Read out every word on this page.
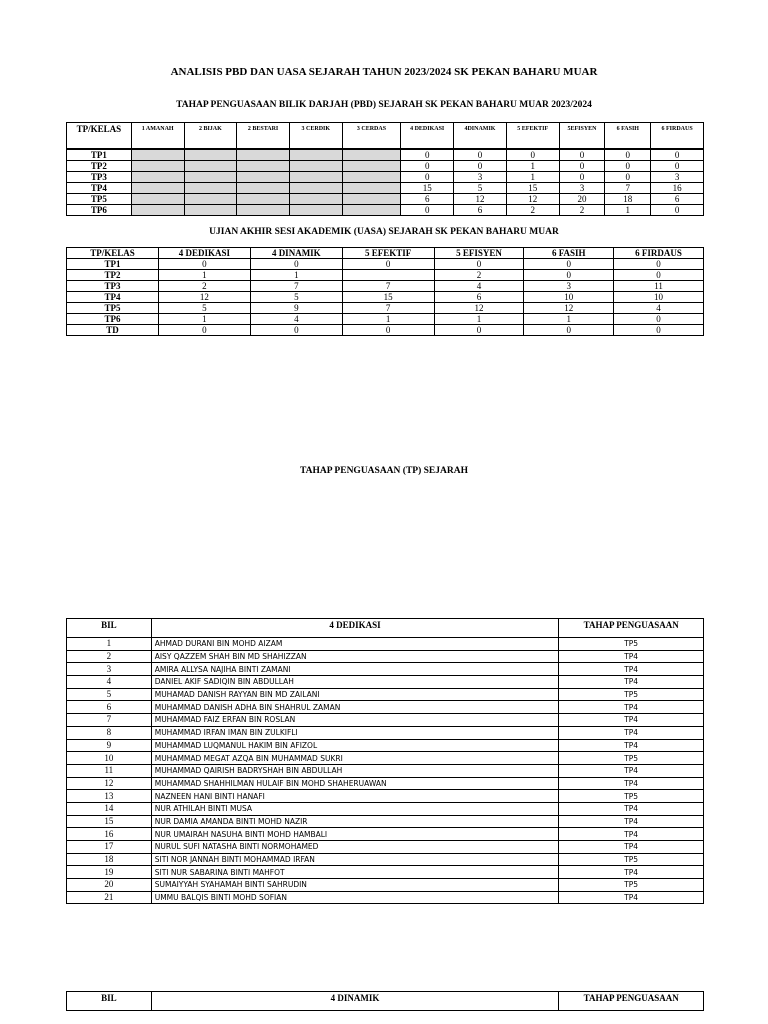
ANALISIS PBD DAN UASA SEJARAH TAHUN 2023/2024 SK PEKAN BAHARU MUAR
TAHAP PENGUASAAN BILIK DARJAH (PBD) SEJARAH SK PEKAN BAHARU MUAR 2023/2024
TP/KELAS	1 AMANAH	2 BIJAK	2 BESTARI	3 CERDIK	3 CERDAS	4 DEDIKASI	4DINAMIK	5 EFEKTIF	5EFISYEN	6 FASIH	6 FIRDAUS

TP1						0	0	0	0	0	0
TP2						0	0	1	0	0	0
TP3						0	3	1	0	0	3
TP4						15	5	15	3	7	16
TP5						6	12	12	20	18	6
TP6						0	6	2	2	1	0
UJIAN AKHIR SESI AKADEMIK (UASA) SEJARAH SK PEKAN BAHARU MUAR
TP/KELAS	4 DEDIKASI	4 DINAMIK	5 EFEKTIF	5 EFISYEN	6 FASIH	6 FIRDAUS
TP1	0	0	0	0	0	0
TP2	1	1		2	0	0
TP3	2	7	7	4	3	11
TP4	12	5	15	6	10	10
TP5	5	9	7	12	12	4
TP6	1	4	1	1	1	0
TD	0	0	0	0	0	0
TAHAP PENGUASAAN (TP) SEJARAH
BIL	4 DEDIKASI	TAHAP PENGUASAAN
1	AHMAD DURANI BIN MOHD AIZAM	TP5
2	AISY QAZZEM SHAH BIN MD SHAHIZZAN	TP4
3	AMIRA ALLYSA NAJIHA BINTI ZAMANI	TP4
4	DANIEL AKIF SADIQIN BIN ABDULLAH	TP4
5	MUHAMAD DANISH RAYYAN BIN MD ZAILANI	TP5
6	MUHAMMAD DANISH ADHA BIN SHAHRUL ZAMAN	TP4
7	MUHAMMAD FAIZ ERFAN BIN ROSLAN	TP4
8	MUHAMMAD IRFAN IMAN BIN ZULKIFLI	TP4
9	MUHAMMAD LUQMANUL HAKIM BIN AFIZOL	TP4
10	MUHAMMAD MEGAT AZQA BIN MUHAMMAD SUKRI	TP5
11	MUHAMMAD QAIRISH BADRYSHAH BIN ABDULLAH	TP4
12	MUHAMMAD SHAHHILMAN HULAIF BIN MOHD SHAHERUAWAN	TP4
13	NAZNEEN HANI BINTI HANAFI	TP5
14	NUR ATHILAH BINTI MUSA	TP4
15	NUR DAMIA AMANDA BINTI MOHD NAZIR	TP4
16	NUR UMAIRAH NASUHA BINTI MOHD HAMBALI	TP4
17	NURUL SUFI NATASHA BINTI NORMOHAMED	TP4
18	SITI NOR JANNAH BINTI MOHAMMAD IRFAN	TP5
19	SITI NUR SABARINA BINTI MAHFOT	TP4
20	SUMAIYYAH SYAHAMAH BINTI SAHRUDIN	TP5
21	UMMU BALQIS BINTI MOHD SOFIAN	TP4
BIL	4 DINAMIK	TAHAP PENGUASAAN
